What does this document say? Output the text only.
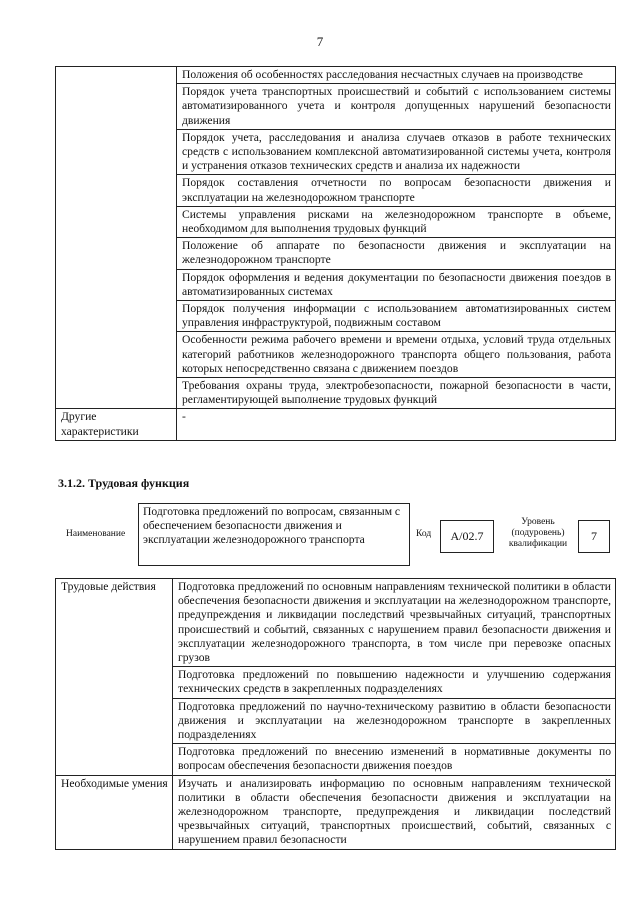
7
	Положения об особенностях расследования несчастных случаев на производстве
	Порядок учета транспортных происшествий и событий с использованием системы автоматизированного учета и контроля допущенных нарушений безопасности движения
	Порядок учета, расследования и анализа случаев отказов в работе технических средств с использованием комплексной автоматизированной системы учета, контроля и устранения отказов технических средств и анализа их надежности
	Порядок составления отчетности по вопросам безопасности движения и эксплуатации на железнодорожном транспорте
	Системы управления рисками на железнодорожном транспорте в объеме, необходимом для выполнения трудовых функций
	Положение об аппарате по безопасности движения и эксплуатации на железнодорожном транспорте
	Порядок оформления и ведения документации по безопасности движения поездов в автоматизированных системах
	Порядок получения информации с использованием автоматизированных систем управления инфраструктурой, подвижным составом
	Особенности режима рабочего времени и времени отдыха, условий труда отдельных категорий работников железнодорожного транспорта общего пользования, работа которых непосредственно связана с движением поездов
	Требования охраны труда, электробезопасности, пожарной безопасности в части, регламентирующей выполнение трудовых функций
Другие характеристики	-
3.1.2. Трудовая функция
Наименование
Подготовка предложений по вопросам, связанным с обеспечением безопасности движения и эксплуатации железнодорожного транспорта	Код	A/02.7
Уровень (подуровень) квалификации
7
Трудовые действия	Подготовка предложений по основным направлениям технической политики в области обеспечения безопасности движения и эксплуатации на железнодорожном транспорте, предупреждения и ликвидации последствий чрезвычайных ситуаций, транспортных происшествий и событий, связанных с нарушением правил безопасности движения и эксплуатации железнодорожного транспорта, в том числе при перевозке опасных грузов
	Подготовка предложений по повышению надежности и улучшению содержания технических средств в закрепленных подразделениях
	Подготовка предложений по научно-техническому развитию в области безопасности движения и эксплуатации на железнодорожном транспорте в закрепленных подразделениях
	Подготовка предложений по внесению изменений в нормативные документы по вопросам обеспечения безопасности движения поездов
Необходимые умения	Изучать и анализировать информацию по основным направлениям технической политики в области обеспечения безопасности движения и эксплуатации на железнодорожном транспорте, предупреждения и ликвидации последствий чрезвычайных ситуаций, транспортных происшествий, событий, связанных с нарушением правил безопасности
